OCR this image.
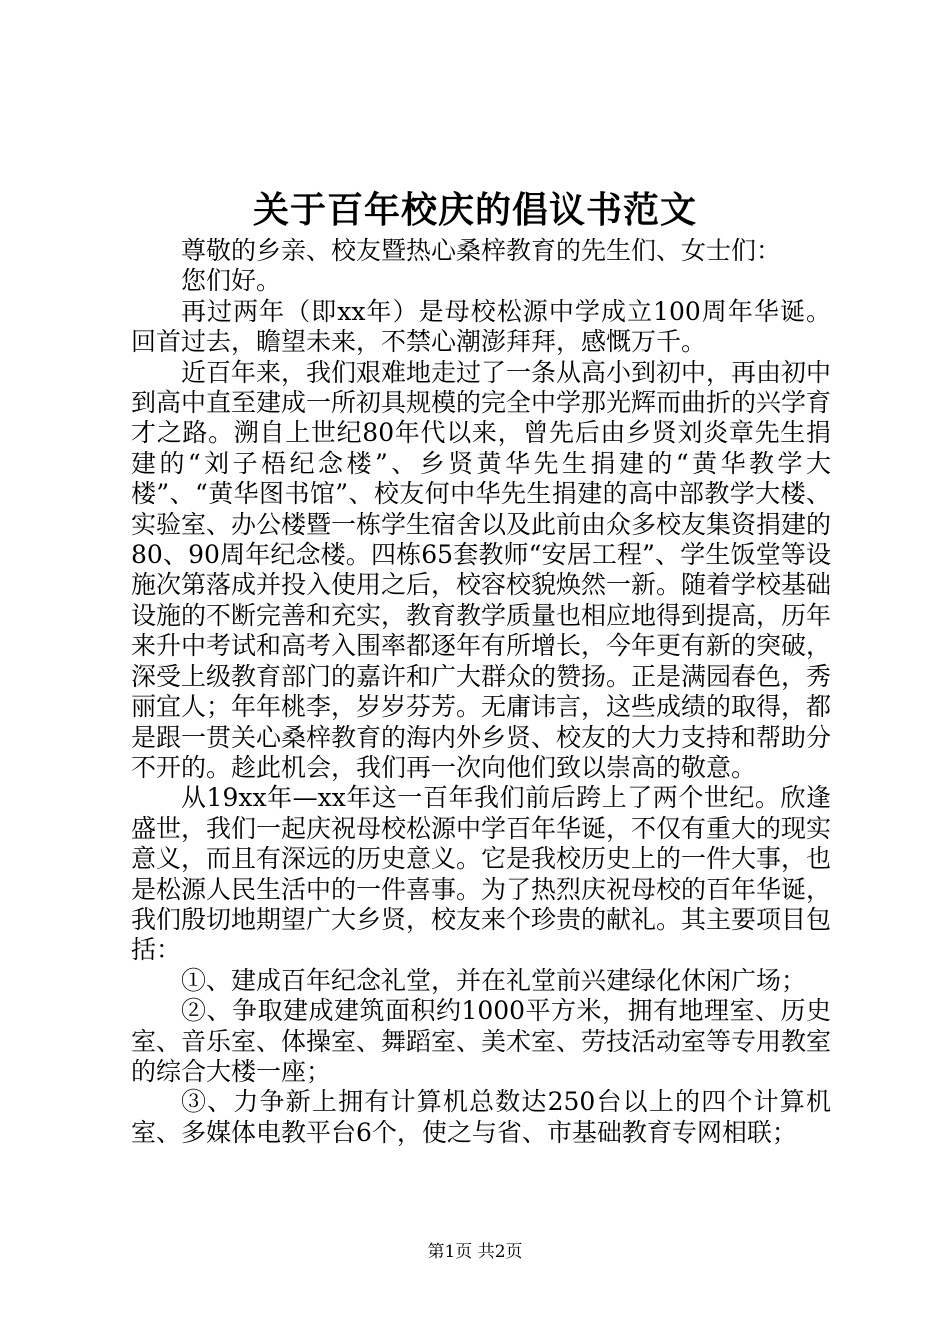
关于百年校庆的倡议书范文

尊敬的乡亲、校友暨热心桑梓教育的先生们、女士们：

您们好。

再过两年（即xx年）是母校松源中学成立100周年华诞。回首过去，瞻望未来，不禁心潮澎拜拜，感慨万千。

近百年来，我们艰难地走过了一条从高小到初中，再由初中到高中直至建成一所初具规模的完全中学那光辉而曲折的兴学育才之路。溯自上世纪80年代以来，曾先后由乡贤刘炎章先生捐建的“刘子梧纪念楼”、乡贤黄华先生捐建的“黄华教学大楼”、“黄华图书馆”、校友何中华先生捐建的高中部教学大楼、实验室、办公楼暨一栋学生宿舍以及此前由众多校友集资捐建的80、90周年纪念楼。四栋65套教师“安居工程”、学生饭堂等设施次第落成并投入使用之后，校容校貌焕然一新。随着学校基础设施的不断完善和充实，教育教学质量也相应地得到提高，历年来升中考试和高考入围率都逐年有所增长，今年更有新的突破，深受上级教育部门的嘉许和广大群众的赞扬。正是满园春色，秀丽宜人；年年桃李，岁岁芬芳。无庸讳言，这些成绩的取得，都是跟一贯关心桑梓教育的海内外乡贤、校友的大力支持和帮助分不开的。趁此机会，我们再一次向他们致以崇高的敬意。

从19xx年—xx年这一百年我们前后跨上了两个世纪。欣逢盛世，我们一起庆祝母校松源中学百年华诞，不仅有重大的现实意义，而且有深远的历史意义。它是我校历史上的一件大事，也是松源人民生活中的一件喜事。为了热烈庆祝母校的百年华诞，我们殷切地期望广大乡贤，校友来个珍贵的献礼。其主要项目包括：

①、建成百年纪念礼堂，并在礼堂前兴建绿化休闲广场；

②、争取建成建筑面积约1000平方米，拥有地理室、历史室、音乐室、体操室、舞蹈室、美术室、劳技活动室等专用教室的综合大楼一座；

③、力争新上拥有计算机总数达250台以上的四个计算机室、多媒体电教平台6个，使之与省、市基础教育专网相联；

第1页 共2页
